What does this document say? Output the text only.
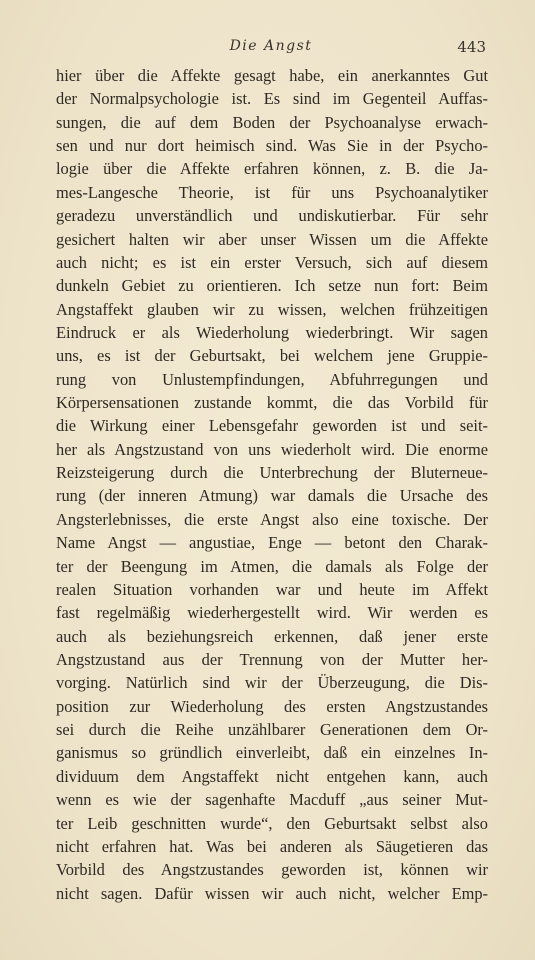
Die Angst	443
hier über die Affekte gesagt habe, ein anerkanntes Gut
der Normalpsychologie ist. Es sind im Gegenteil Auffas-
sungen, die auf dem Boden der Psychoanalyse erwach-
sen und nur dort heimisch sind. Was Sie in der Psycho-
logie über die Affekte erfahren können, z. B. die Ja-
mes-Langesche Theorie, ist für uns Psychoanalytiker
geradezu unverständlich und undiskutierbar. Für sehr
gesichert halten wir aber unser Wissen um die Affekte
auch nicht; es ist ein erster Versuch, sich auf diesem
dunkeln Gebiet zu orientieren. Ich setze nun fort: Beim
Angstaffekt glauben wir zu wissen, welchen frühzeitigen
Eindruck er als Wiederholung wiederbringt. Wir sagen
uns, es ist der Geburtsakt, bei welchem jene Gruppie-
rung von Unlustempfindungen, Abfuhrregungen und
Körpersensationen zustande kommt, die das Vorbild für
die Wirkung einer Lebensgefahr geworden ist und seit-
her als Angstzustand von uns wiederholt wird. Die enorme
Reizsteigerung durch die Unterbrechung der Bluterneue-
rung (der inneren Atmung) war damals die Ursache des
Angsterlebnisses, die erste Angst also eine toxische. Der
Name Angst — angustiae, Enge — betont den Charak-
ter der Beengung im Atmen, die damals als Folge der
realen Situation vorhanden war und heute im Affekt
fast regelmäßig wiederhergestellt wird. Wir werden es
auch als beziehungsreich erkennen, daß jener erste
Angstzustand aus der Trennung von der Mutter her-
vorging. Natürlich sind wir der Überzeugung, die Dis-
position zur Wiederholung des ersten Angstzustandes
sei durch die Reihe unzählbarer Generationen dem Or-
ganismus so gründlich einverleibt, daß ein einzelnes In-
dividuum dem Angstaffekt nicht entgehen kann, auch
wenn es wie der sagenhafte Macduff „aus seiner Mut-
ter Leib geschnitten wurde“, den Geburtsakt selbst also
nicht erfahren hat. Was bei anderen als Säugetieren das
Vorbild des Angstzustandes geworden ist, können wir
nicht sagen. Dafür wissen wir auch nicht, welcher Emp-
